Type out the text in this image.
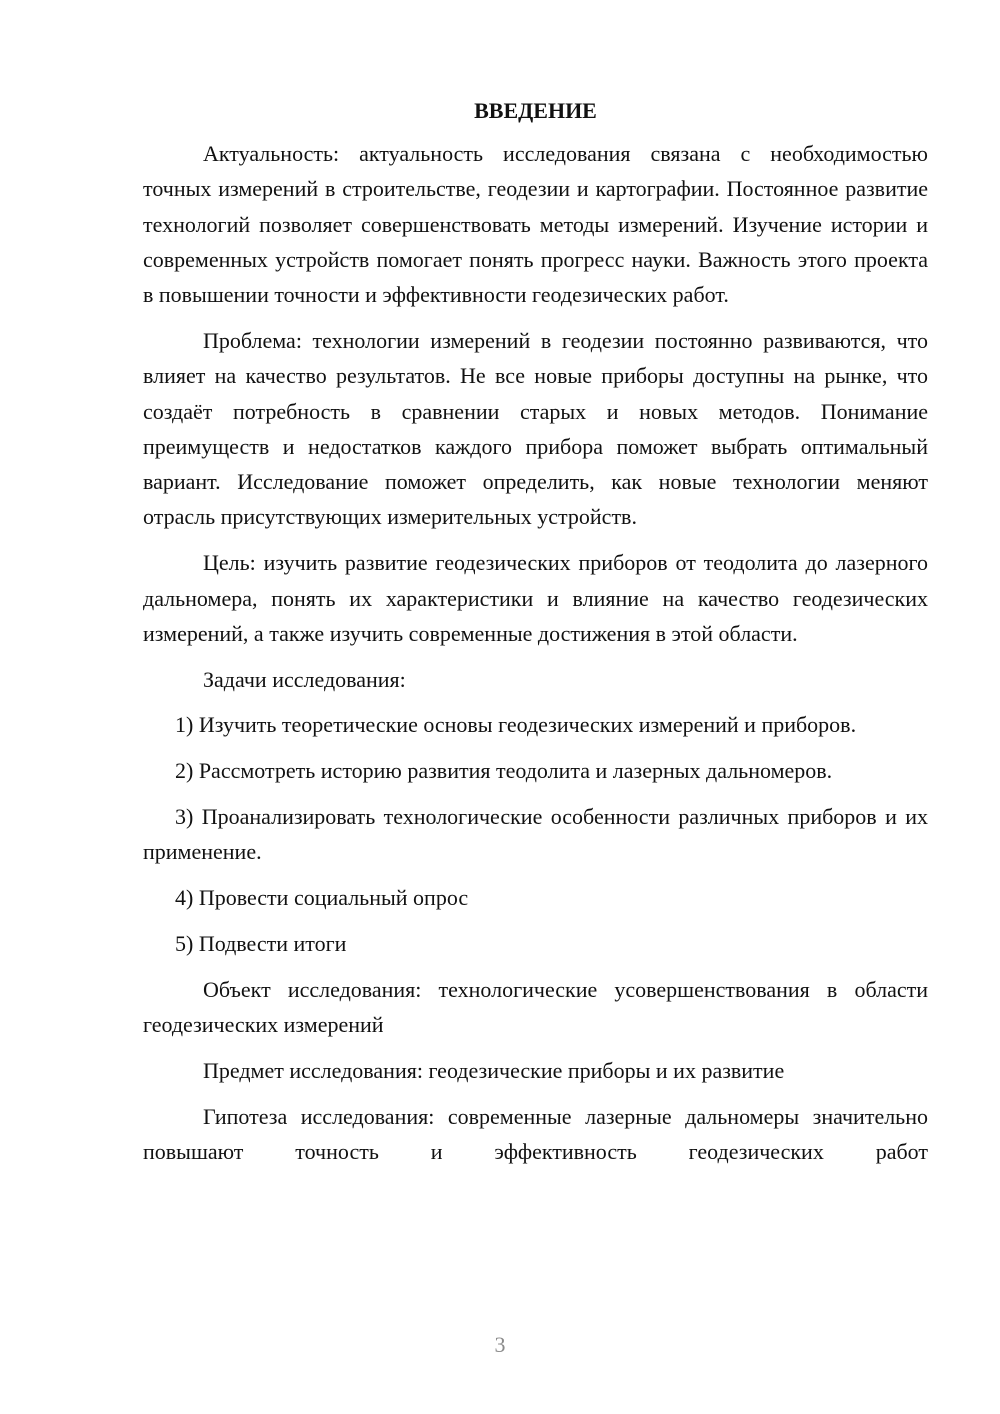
ВВЕДЕНИЕ

Актуальность: актуальность исследования связана с необходимостью точных измерений в строительстве, геодезии и картографии. Постоянное развитие технологий позволяет совершенствовать методы измерений. Изучение истории и современных устройств помогает понять прогресс науки. Важность этого проекта в повышении точности и эффективности геодезических работ.

Проблема: технологии измерений в геодезии постоянно развиваются, что влияет на качество результатов. Не все новые приборы доступны на рынке, что создаёт потребность в сравнении старых и новых методов. Понимание преимуществ и недостатков каждого прибора поможет выбрать оптимальный вариант. Исследование поможет определить, как новые технологии меняют отрасль присутствующих измерительных устройств.

Цель: изучить развитие геодезических приборов от теодолита до лазерного дальномера, понять их характеристики и влияние на качество геодезических измерений, а также изучить современные достижения в этой области.

Задачи исследования:

1) Изучить теоретические основы геодезических измерений и приборов.

2) Рассмотреть историю развития теодолита и лазерных дальномеров.

3) Проанализировать технологические особенности различных приборов и их применение.

4) Провести социальный опрос

5) Подвести итоги

Объект исследования: технологические усовершенствования в области геодезических измерений

Предмет исследования: геодезические приборы и их развитие

Гипотеза исследования: современные лазерные дальномеры значительно повышают точность и эффективность геодезических работ

3
